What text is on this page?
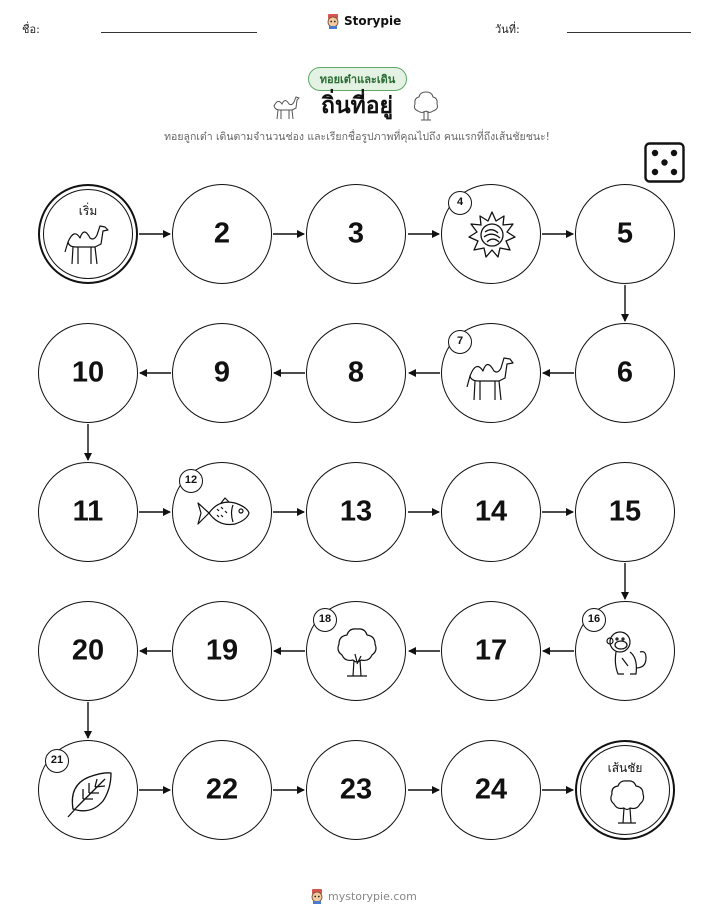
ชื่อ:
Storypie
วันที่:
ทอยเต๋าและเดิน
ถิ่นที่อยู่
ทอยลูกเต๋า เดินตามจำนวนช่อง และเรียกชื่อรูปภาพที่คุณไปถึง คนแรกที่ถึงเส้นชัยชนะ!
เริ่ม
2	3
4
5
6
7
8
9
10
11
12
13	14	15
16
17
18
19
20
21
22	23	24
เส้นชัย
mystorypie.com
